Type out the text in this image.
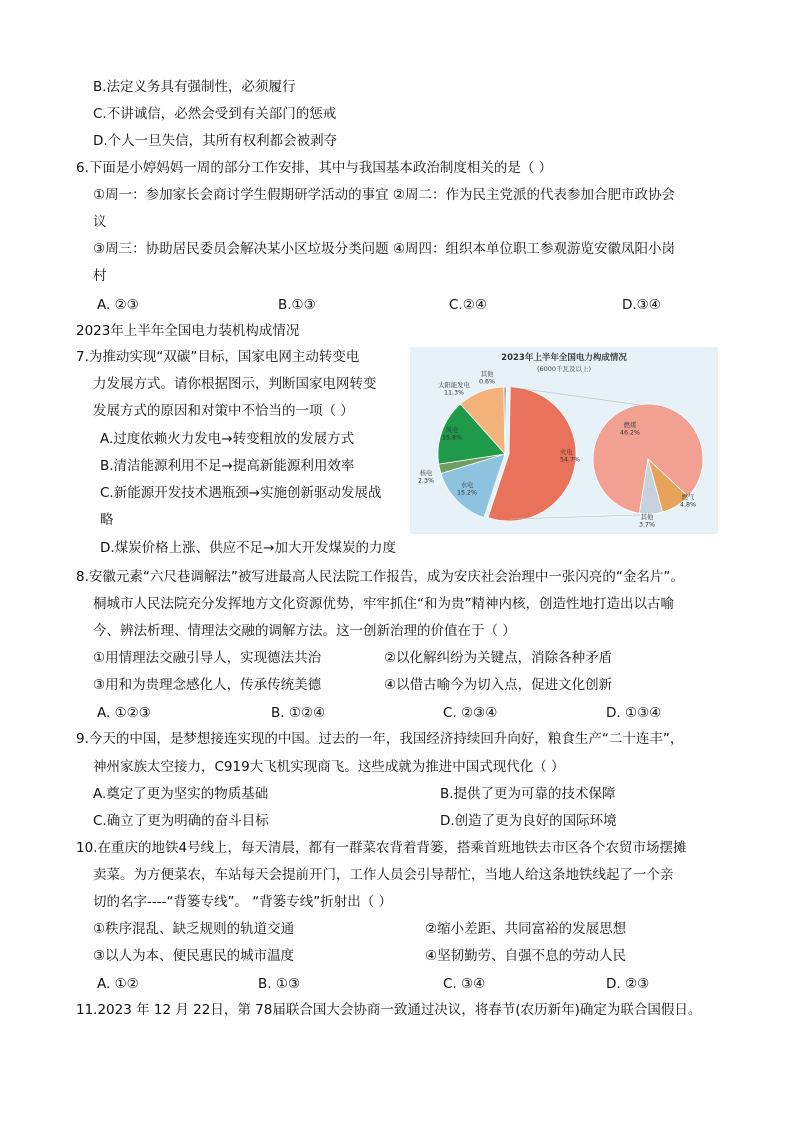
B.法定义务具有强制性，必须履行
C.不讲诚信，必然会受到有关部门的惩戒
D.个人一旦失信，其所有权利都会被剥夺
6.下面是小婷妈妈一周的部分工作安排，其中与我国基本政治制度相关的是（ ）
①周一：参加家长会商讨学生假期研学活动的事宜 ②周二：作为民主党派的代表参加合肥市政协会
议
③周三：协助居民委员会解决某小区垃圾分类问题 ④周四：组织本单位职工参观游览安徽凤阳小岗
村
A. ②③	B.①③	C.②④	D.③④
2023年上半年全国电力装机构成情况
7.为推动实现“双碳”目标，国家电网主动转变电
力发展方式。请你根据图示，判断国家电网转变
发展方式的原因和对策中不恰当的一项（ ）
A.过度依赖火力发电→转变粗放的发展方式
B.清洁能源利用不足→提高新能源利用效率
C.新能源开发技术遇瓶颈→实施创新驱动发展战
略
D.煤炭价格上涨、供应不足→加大开发煤炭的力度
2023年上半年全国电力构成情况
(6000千瓦及以上)
火电 54.7%
水电 15.2%
核电 2.3%
风电 15.8%
太阳能发电 11.3%
其他 0.6%
燃煤 46.2%
燃气 4.8%
其他 3.7%
8.安徽元素“六尺巷调解法”被写进最高人民法院工作报告，成为安庆社会治理中一张闪亮的“金名片”。
桐城市人民法院充分发挥地方文化资源优势，牢牢抓住“和为贵”精神内核，创造性地打造出以古喻
今、辨法析理、情理法交融的调解方法。这一创新治理的价值在于（ ）
①用情理法交融引导人，实现德法共治	②以化解纠纷为关键点，消除各种矛盾
③用和为贵理念感化人，传承传统美德	④以借古喻今为切入点，促进文化创新
A. ①②③	B. ①②④	C. ②③④	D. ①③④
9.今天的中国，是梦想接连实现的中国。过去的一年，我国经济持续回升向好，粮食生产“二十连丰”，
神州家族太空接力，C919大飞机实现商飞。这些成就为推进中国式现代化（ ）
A.奠定了更为坚实的物质基础	B.提供了更为可靠的技术保障
C.确立了更为明确的奋斗目标	D.创造了更为良好的国际环境
10.在重庆的地铁4号线上，每天清晨，都有一群菜农背着背篓，搭乘首班地铁去市区各个农贸市场摆摊
卖菜。为方便菜农，车站每天会提前开门，工作人员会引导帮忙，当地人给这条地铁线起了一个亲
切的名字----“背篓专线”。 “背篓专线”折射出（ ）
①秩序混乱、缺乏规则的轨道交通	②缩小差距、共同富裕的发展思想
③以人为本、便民惠民的城市温度	④坚韧勤劳、自强不息的劳动人民
A. ①②	B. ①③	C. ③④	D. ②③
11.2023 年 12 月 22日，第 78届联合国大会协商一致通过决议，将春节(农历新年)确定为联合国假日。
